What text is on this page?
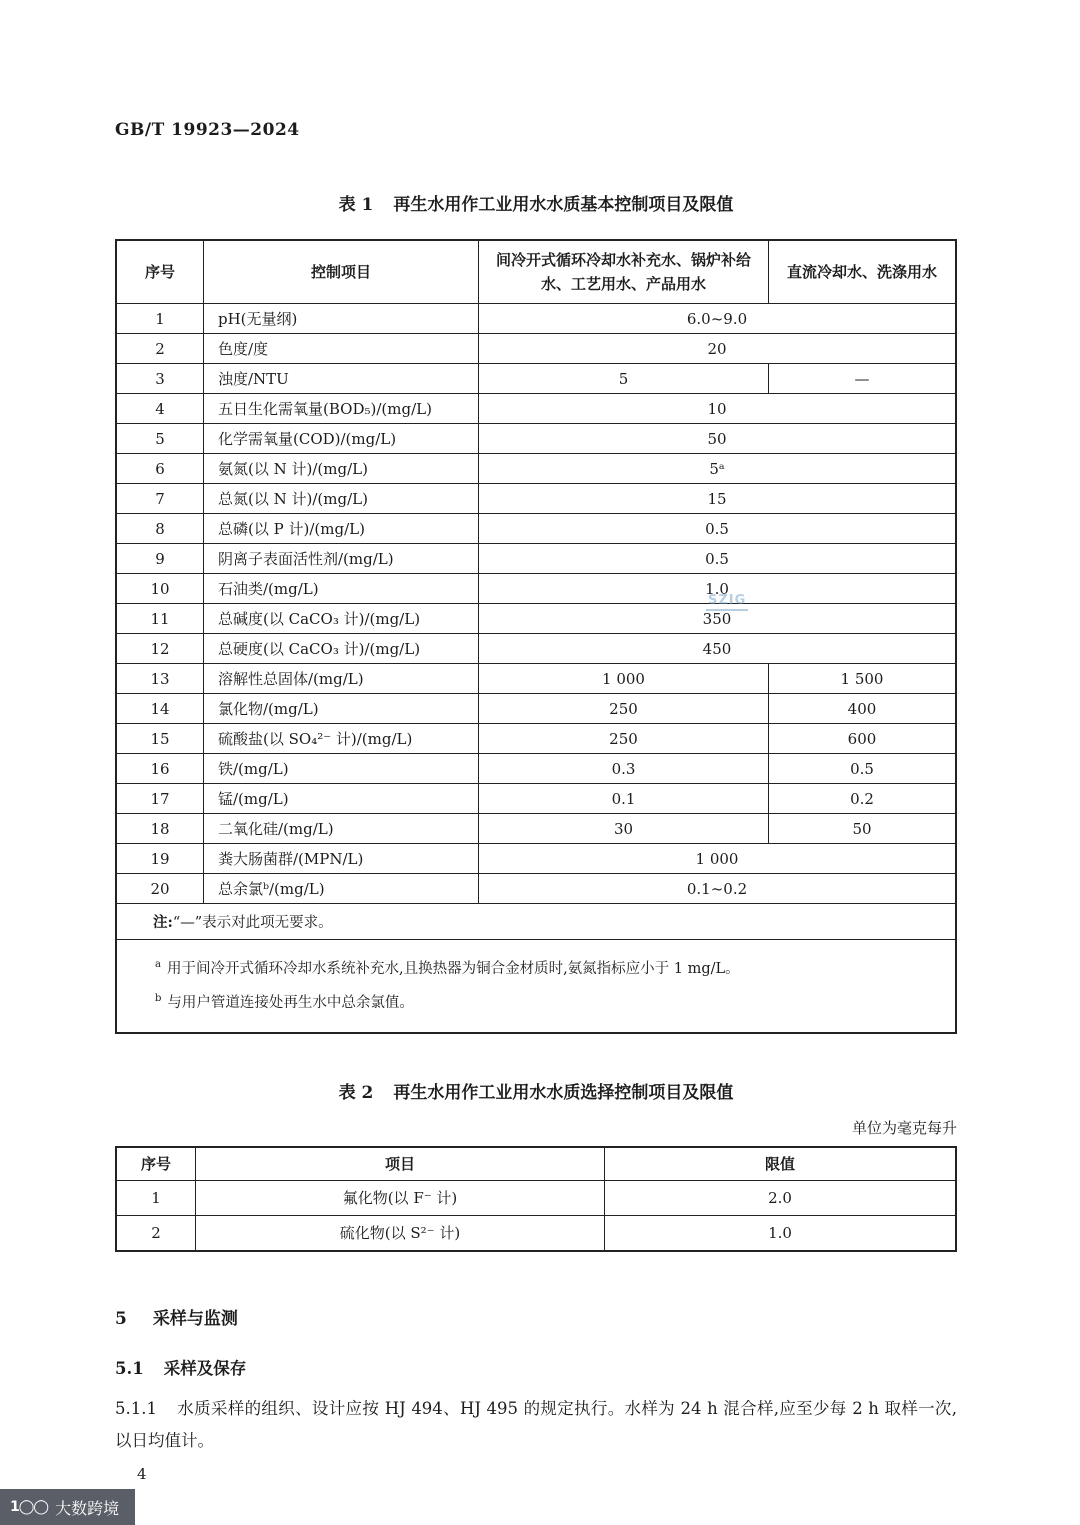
GB/T 19923—2024
表 1 再生水用作工业用水水质基本控制项目及限值
序号	控制项目	间冷开式循环冷却水补充水、锅炉补给水、工艺用水、产品用水	直流冷却水、洗涤用水
1	pH(无量纲)	6.0~9.0	
2	色度/度	20	
3	浊度/NTU	5	—
4	五日生化需氧量(BOD₅)/(mg/L)	10	
5	化学需氧量(COD)/(mg/L)	50	
6	氨氮(以 N 计)/(mg/L)	5ᵃ	
7	总氮(以 N 计)/(mg/L)	15	
8	总磷(以 P 计)/(mg/L)	0.5	
9	阴离子表面活性剂/(mg/L)	0.5	
10	石油类/(mg/L)	1.0	
11	总碱度(以 CaCO₃ 计)/(mg/L)	350	
12	总硬度(以 CaCO₃ 计)/(mg/L)	450	
13	溶解性总固体/(mg/L)	1 000	1 500
14	氯化物/(mg/L)	250	400
15	硫酸盐(以 SO₄²⁻ 计)/(mg/L)	250	600
16	铁/(mg/L)	0.3	0.5
17	锰/(mg/L)	0.1	0.2
18	二氧化硅/(mg/L)	30	50
19	粪大肠菌群/(MPN/L)	1 000	
20	总余氯ᵇ/(mg/L)	0.1~0.2	
注:“—”表示对此项无要求。			

$^a$ 用于间冷开式循环冷却水系统补充水,且换热器为铜合金材质时,氨氮指标应小于 1 mg/L。
$^b$ 与用户管道连接处再生水中总余氯值。			
表 2 再生水用作工业用水水质选择控制项目及限值
单位为毫克每升
序号	项目	限值
1	氟化物(以 F⁻ 计)	2.0
2	硫化物(以 S²⁻ 计)	1.0
5 采样与监测
5.1 采样及保存

5.1.1 水质采样的组织、设计应按 HJ 494、HJ 495 的规定执行。水样为 24 h 混合样,应至少每 2 h 取样一次,以日均值计。

4
SZIG
1◯◯ 大数跨境
